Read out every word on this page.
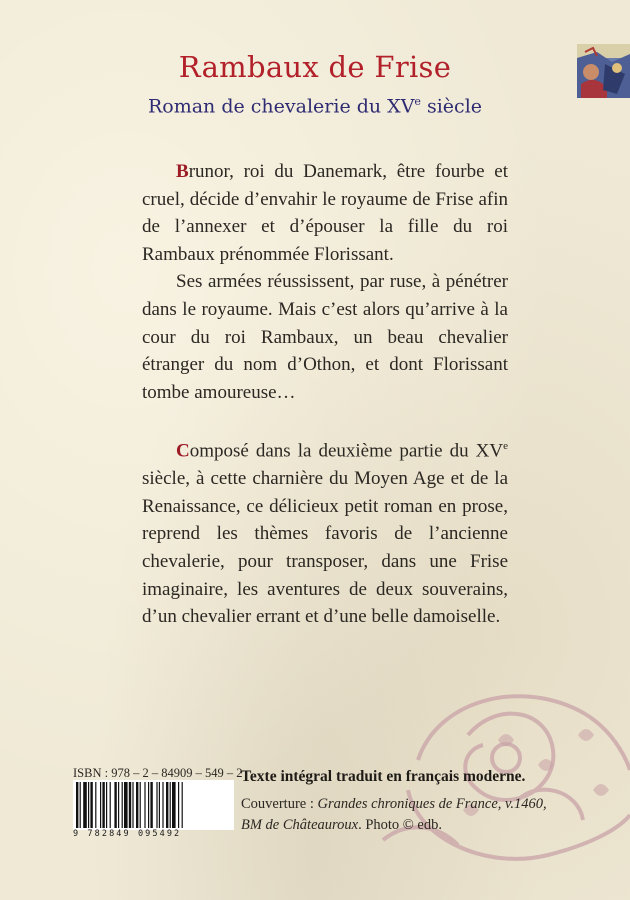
Rambaux de Frise
Roman de chevalerie du XVe siècle

Brunor, roi du Danemark, être fourbe et cruel, décide d’envahir le royaume de Frise afin de l’annexer et d’épouser la fille du roi Rambaux prénommée Florissant.

Ses armées réussissent, par ruse, à pénétrer dans le royaume. Mais c’est alors qu’arrive à la cour du roi Rambaux, un beau chevalier étranger du nom d’Othon, et dont Florissant tombe amoureuse…

Composé dans la deuxième partie du XVe siècle, à cette charnière du Moyen Age et de la Renaissance, ce délicieux petit roman en prose, reprend les thèmes favoris de l’ancienne chevalerie, pour transposer, dans une Frise imaginaire, les aventures de deux souverains, d’un chevalier errant et d’une belle damoiselle.

ISBN : 978 – 2 – 84909 – 549 – 2
9 782849 095492
Texte intégral traduit en français moderne.
Couverture : Grandes chroniques de France, v.1460,
BM de Châteauroux. Photo © edb.
